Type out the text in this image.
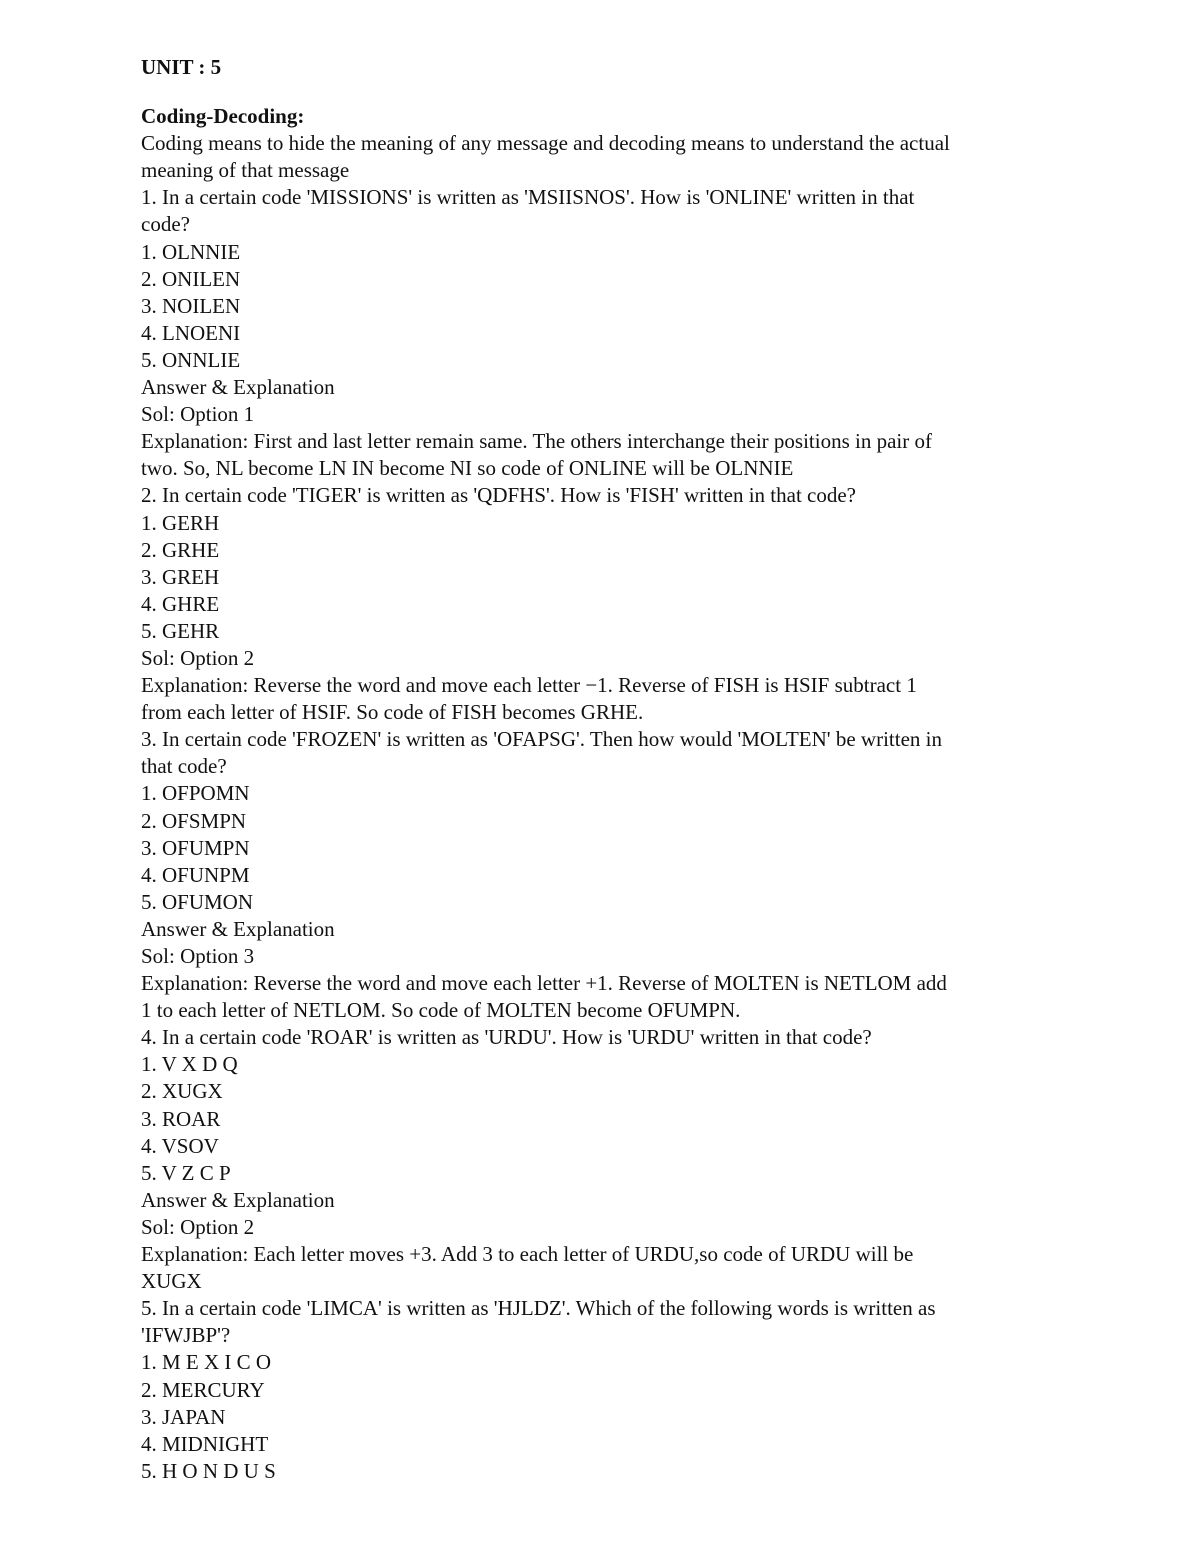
UNIT : 5
Coding-Decoding:
Coding means to hide the meaning of any message and decoding means to understand the actual
meaning of that message
1. In a certain code 'MISSIONS' is written as 'MSIISNOS'. How is 'ONLINE' written in that
code?
1. OLNNIE
2. ONILEN
3. NOILEN
4. LNOENI
5. ONNLIE
Answer & Explanation
Sol: Option 1
Explanation: First and last letter remain same. The others interchange their positions in pair of
two. So, NL become LN IN become NI so code of ONLINE will be OLNNIE
2. In certain code 'TIGER' is written as 'QDFHS'. How is 'FISH' written in that code?
1. GERH
2. GRHE
3. GREH
4. GHRE
5. GEHR
Sol: Option 2
Explanation: Reverse the word and move each letter −1. Reverse of FISH is HSIF subtract 1
from each letter of HSIF. So code of FISH becomes GRHE.
3. In certain code 'FROZEN' is written as 'OFAPSG'. Then how would 'MOLTEN' be written in
that code?
1. OFPOMN
2. OFSMPN
3. OFUMPN
4. OFUNPM
5. OFUMON
Answer & Explanation
Sol: Option 3
Explanation: Reverse the word and move each letter +1. Reverse of MOLTEN is NETLOM add
1 to each letter of NETLOM. So code of MOLTEN become OFUMPN.
4. In a certain code 'ROAR' is written as 'URDU'. How is 'URDU' written in that code?
1. V X D Q
2. XUGX
3. ROAR
4. VSOV
5. V Z C P
Answer & Explanation
Sol: Option 2
Explanation: Each letter moves +3. Add 3 to each letter of URDU,so code of URDU will be
XUGX
5. In a certain code 'LIMCA' is written as 'HJLDZ'. Which of the following words is written as
'IFWJBP'?
1. M E X I C O
2. MERCURY
3. JAPAN
4. MIDNIGHT
5. H O N D U S
